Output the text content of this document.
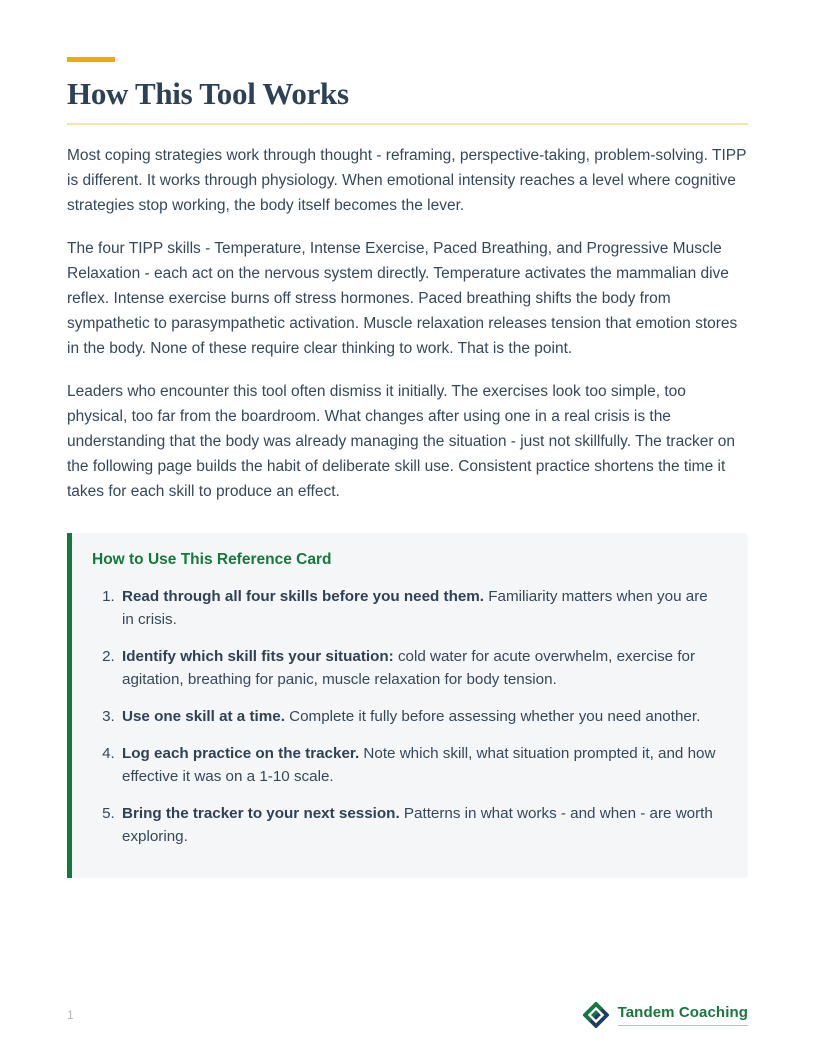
How This Tool Works

Most coping strategies work through thought - reframing, perspective-taking, problem-solving. TIPP is different. It works through physiology. When emotional intensity reaches a level where cognitive strategies stop working, the body itself becomes the lever.

The four TIPP skills - Temperature, Intense Exercise, Paced Breathing, and Progressive Muscle Relaxation - each act on the nervous system directly. Temperature activates the mammalian dive reflex. Intense exercise burns off stress hormones. Paced breathing shifts the body from sympathetic to parasympathetic activation. Muscle relaxation releases tension that emotion stores in the body. None of these require clear thinking to work. That is the point.

Leaders who encounter this tool often dismiss it initially. The exercises look too simple, too physical, too far from the boardroom. What changes after using one in a real crisis is the understanding that the body was already managing the situation - just not skillfully. The tracker on the following page builds the habit of deliberate skill use. Consistent practice shortens the time it takes for each skill to produce an effect.

How to Use This Reference Card
1. Read through all four skills before you need them. Familiarity matters when you are in crisis.
2. Identify which skill fits your situation: cold water for acute overwhelm, exercise for agitation, breathing for panic, muscle relaxation for body tension.
3. Use one skill at a time. Complete it fully before assessing whether you need another.
4. Log each practice on the tracker. Note which skill, what situation prompted it, and how effective it was on a 1-10 scale.
5. Bring the tracker to your next session. Patterns in what works - and when - are worth exploring.
1	Tandem Coaching
